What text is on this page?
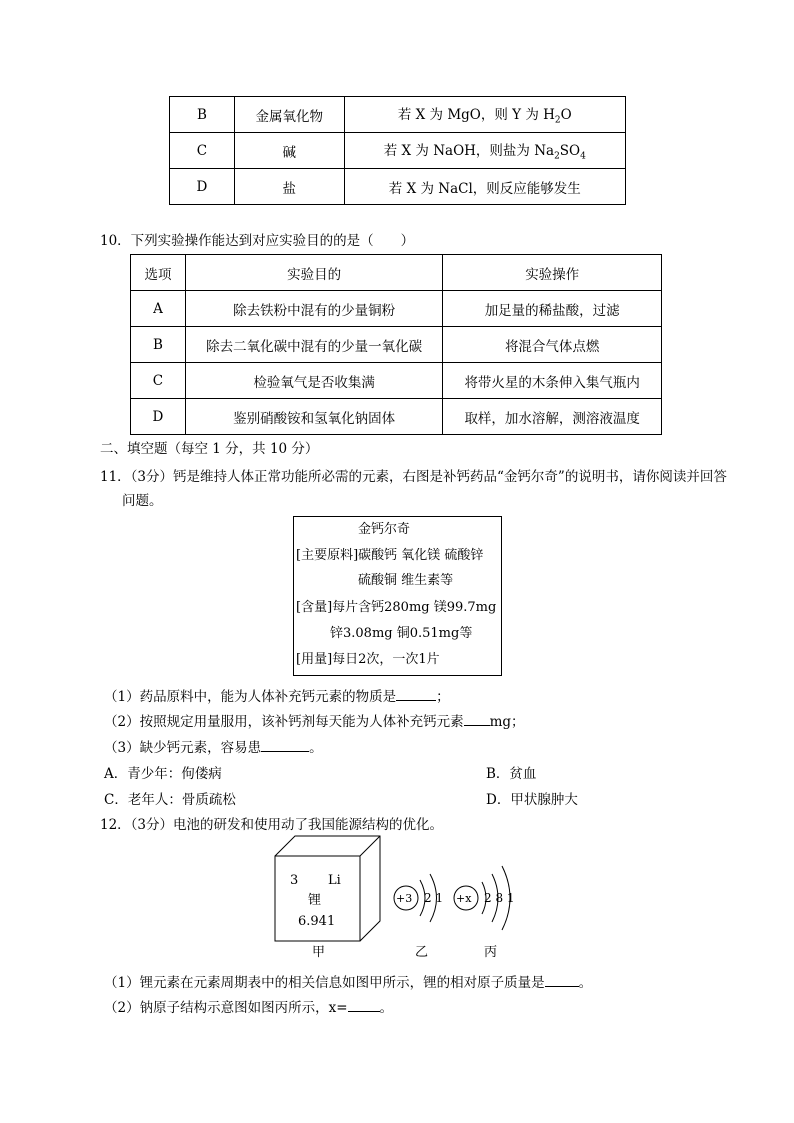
B	金属氧化物	若 X 为 MgO，则 Y 为 $H_2O$
C	碱	若 X 为 NaOH，则盐为 $Na_2SO_4$
D	盐	若 X 为 NaCl，则反应能够发生
10．下列实验操作能达到对应实验目的的是（　　）
选项	实验目的	实验操作
A	除去铁粉中混有的少量铜粉	加足量的稀盐酸，过滤
B	除去二氧化碳中混有的少量一氧化碳	将混合气体点燃
C	检验氧气是否收集满	将带火星的木条伸入集气瓶内
D	鉴别硝酸铵和氢氧化钠固体	取样，加水溶解，测溶液温度
二、填空题（每空 1 分，共 10 分）
11．（3分）钙是维持人体正常功能所必需的元素，右图是补钙药品“金钙尔奇”的说明书，请你阅读并回答
问题。
金钙尔奇
[主要原料]碳酸钙 氧化镁 硫酸锌
硫酸铜 维生素等
[含量]每片含钙280mg 镁99.7mg
锌3.08mg 铜0.51mg等
[用量]每日2次，一次1片
（1）药品原料中，能为人体补充钙元素的物质是	；
（2）按照规定用量服用，该补钙剂每天能为人体补充钙元素 mg；
（3）缺少钙元素，容易患	。
A．青少年：佝偻病	B．贫血
C．老年人：骨质疏松	D．甲状腺肿大
12．（3分）电池的研发和使用动了我国能源结构的优化。
3 Li
锂
6.941
+3 2 1 +x 2 8 1
甲	乙	丙
（1）锂元素在元素周期表中的相关信息如图甲所示，锂的相对原子质量是	。
（2）钠原子结构示意图如图丙所示，x= 。
